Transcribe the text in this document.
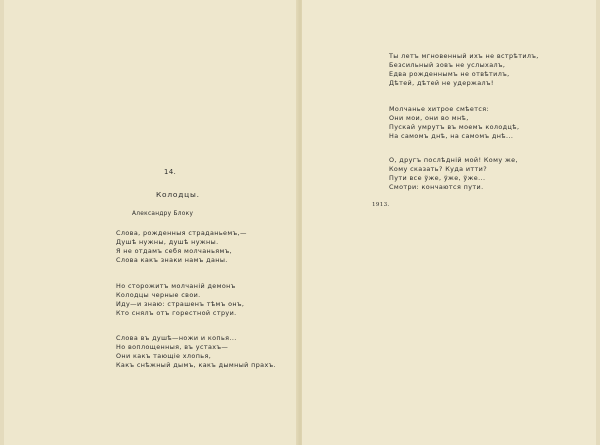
14.
Колодцы.
Александру Блоку
Слова, рожденныя страданьемъ,—
Душѣ нужны, душѣ нужны.
Я не отдамъ себя молчаньямъ,
Слова какъ знаки намъ даны.
Но сторожитъ молчаній демонъ
Колодцы черные свои.
Иду—и знаю: страшенъ тѣмъ онъ,
Кто снялъ отъ горестной струи.
Слова въ душѣ—ножи и копья...
Но воплощенныя, въ устахъ—
Они какъ тающіе хлопья,
Какъ снѣжный дымъ, какъ дымный прахъ.
Ты летъ мгновенный ихъ не встрѣтилъ,
Безсильный зовъ не услыхалъ,
Едва рожденнымъ не отвѣтилъ,
Дѣтей, дѣтей не удержалъ!
Молчанье хитрое смѣется:
Они мои, они во мнѣ,
Пускай умрутъ въ моемъ колодцѣ,
На самомъ днѣ, на самомъ днѣ...
О, другъ послѣдній мой! Кому же,
Кому сказать? Куда итти?
Пути все ўже, ўже, ўже...
Смотри: кончаются пути.
1913.
